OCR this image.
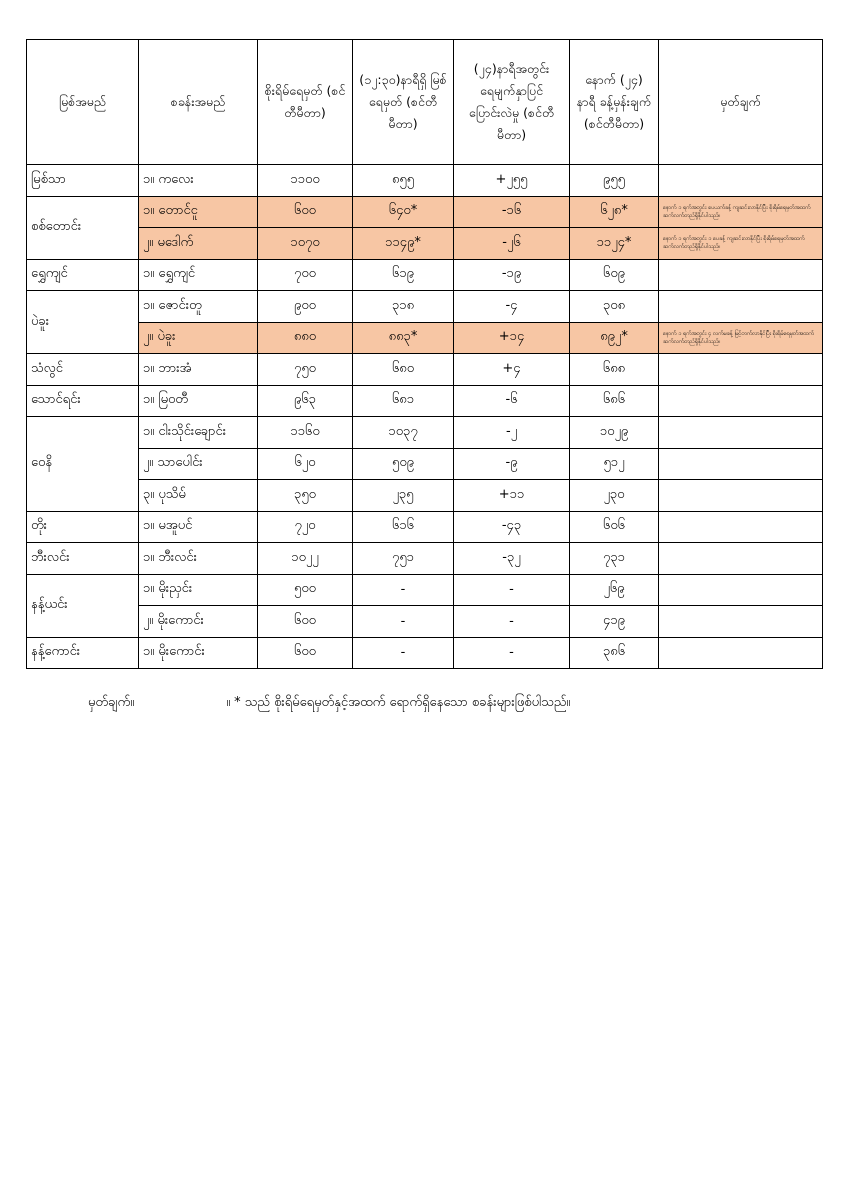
မြစ်အမည်	စခန်းအမည်	စိုးရိမ်ရေမှတ် (စင်တီမီတာ)	(၁၂:၃၀)နာရီရှိ မြစ်ရေမှတ် (စင်တီမီတာ)	(၂၄)နာရီအတွင်း ရေမျက်နှာပြင် ပြောင်းလဲမှု (စင်တီမီတာ)	နောက် (၂၄) နာရီ ခန့်မှန်းချက် (စင်တီမီတာ)	မှတ်ချက်
မြစ်သာ	၁။ ကလေး	၁၁၀၀	၈၅၅	+၂၅၅	၉၅၅	
စစ်တောင်း	၁။ တောင်ငူ	၆၀၀	၆၄၀*	-၁၆	၆၂၈*	နောက် ၁ ရက်အတွင်း ပေယက်ခန့် ကျဆင်းလာနိုင်ပြီး စိုးရိမ်ရေမှတ်အထက် ဆက်လက်တည်ရှိနိုင်ပါသည်။
	၂။ မဒေါက်	၁၀၇၀	၁၁၄၉*	-၂၆	၁၁၂၄*	နောက် ၁ ရက်အတွင်း ၁ ပေခန့် ကျဆင်းလာနိုင်ပြီး စိုးရိမ်ရေမှတ်အထက် ဆက်လက်တည်ရှိနိုင်ပါသည်။
ရွှေကျင်	၁။ ရွှေကျင်	၇၀၀	၆၁၉	-၁၉	၆၀၉	
ပဲခူး	၁။ ဇောင်းတူ	၉၀၀	၃၁၈	-၄	၃၀၈	
	၂။ ပဲခူး	၈၈၀	၈၈၃*	+၁၄	၈၉၂*	နောက် ၁ ရက်အတွင်း ၄ လက်မခန့် မြင့်တက်လာနိုင်ပြီး စိုးရိမ်ရေမှတ်အထက် ဆက်လက်တည်ရှိနိုင်ပါသည်။
သံလွင်	၁။ ဘားအံ	၇၅၀	၆၈၀	+၄	၆၈၈	
သောင်ရင်း	၁။ မြဝတီ	၉၆၃	၆၈၁	-၆	၆၈၆	
ဝေနိ	၁။ ငါးသိုင်းချောင်း	၁၁၆၀	၁၀၃၇	-၂	၁၀၂၉	
	၂။ သာပေါင်း	၆၂၀	၅၀၉	-၉	၅၁၂	
	၃။ ပုသိမ်	၃၅၀	၂၃၅	+၁၁	၂၃၀	
တိုး	၁။ မအူပင်	၇၂၀	၆၁၆	-၄၃	၆၀၆	
ဘီးလင်း	၁။ ဘီးလင်း	၁၀၂၂	၇၅၁	-၃၂	၇၃၁	
နန့်ယင်း	၁။ မိုးညှင်း	၅၀၀	-	-	၂၆၉	
	၂။ မိုးကောင်း	၆၀၀	-	-	၄၁၉	
နန့်ကောင်း	၁။ မိုးကောင်း	၆၀၀	-	-	၃၈၆	
မှတ်ချက်။	။ * သည် စိုးရိမ်ရေမှတ်နှင့်အထက် ရောက်ရှိနေသော စခန်းများဖြစ်ပါသည်။
